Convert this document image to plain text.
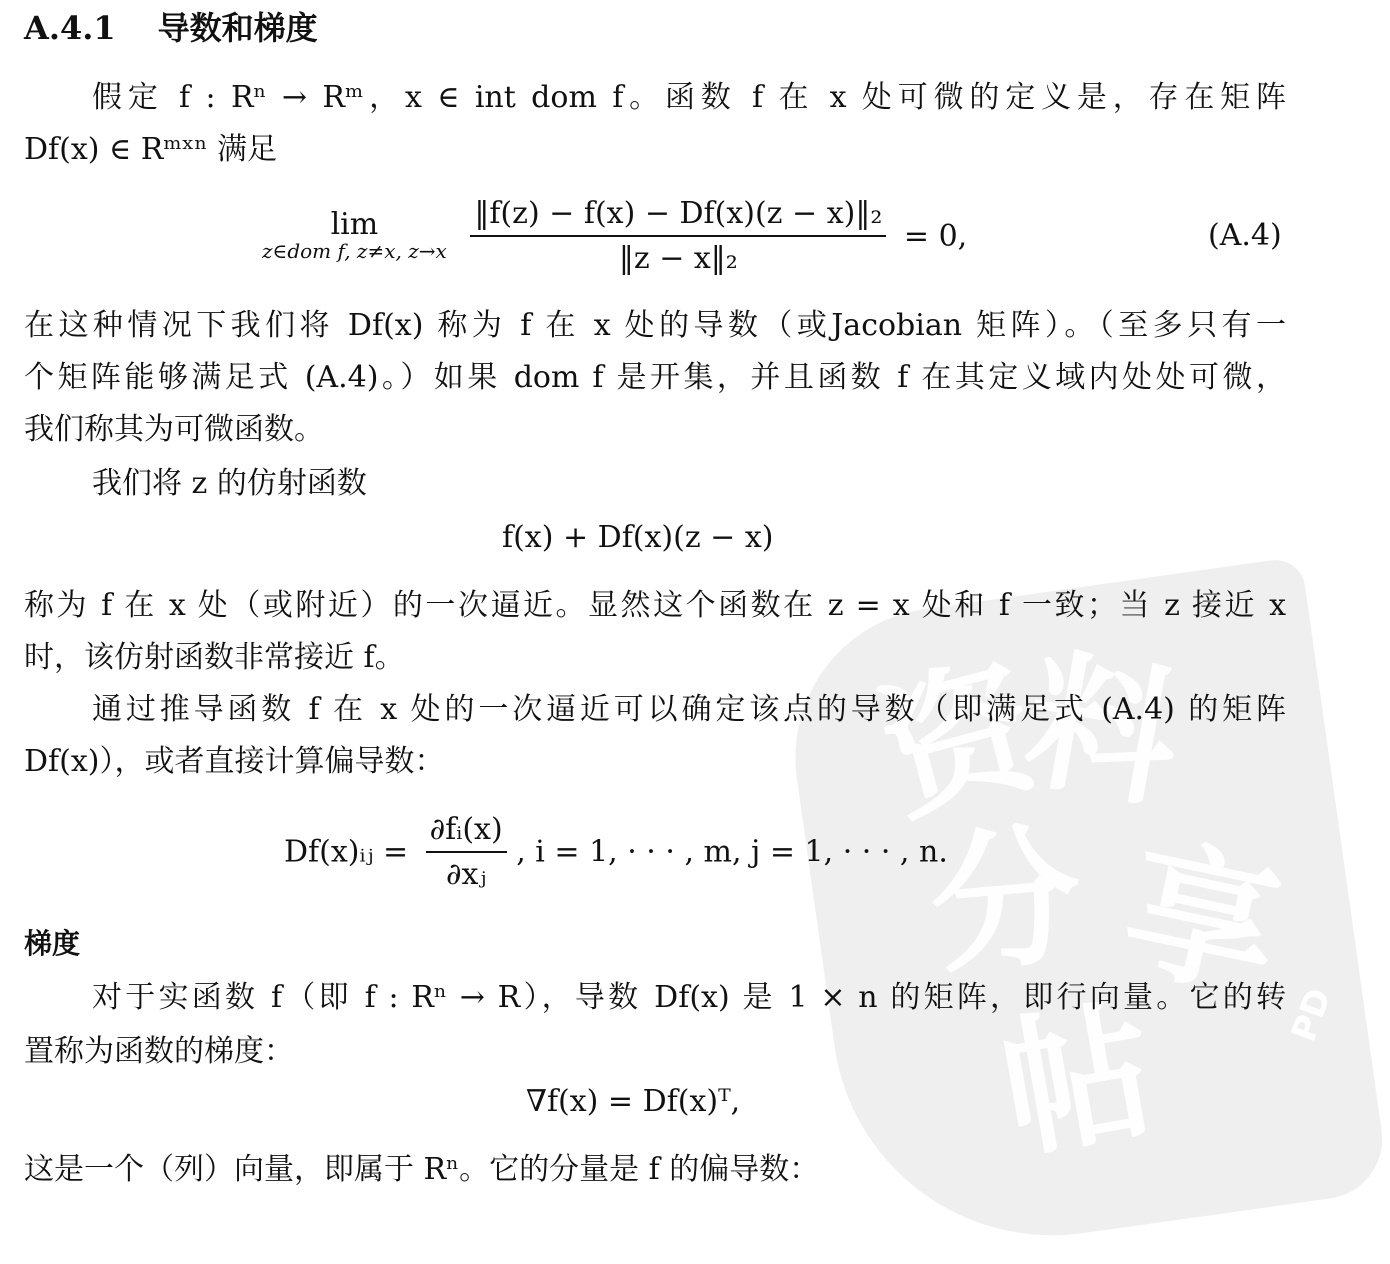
资
料
分 享
帖	PD
A.4.1 导数和梯度
假定 f : Rⁿ → Rᵐ，x ∈ int dom f。函数 f 在 x 处可微的定义是，存在矩阵
Df(x) ∈ Rᵐˣⁿ 满足
lim
z∈dom f, z≠x, z→x
$\frac{\text{‖f(z) − f(x) − Df(x)(z − x)‖₂}}{\text{‖z − x‖₂}} = 0$,	(A.4)
在这种情况下我们将 Df(x) 称为 f 在 x 处的导数（或Jacobian 矩阵）。（至多只有一
个矩阵能够满足式 (A.4)。）如果 dom f 是开集，并且函数 f 在其定义域内处处可微，
我们称其为可微函数。
我们将 z 的仿射函数
f(x) + Df(x)(z − x)
称为 f 在 x 处（或附近）的一次逼近。显然这个函数在 z = x 处和 f 一致；当 z 接近 x
时，该仿射函数非常接近 f。
通过推导函数 f 在 x 处的一次逼近可以确定该点的导数（即满足式 (A.4) 的矩阵
Df(x)），或者直接计算偏导数：
Df(x)ᵢⱼ = $\frac{\text{∂fᵢ(x)}}{\text{∂xⱼ}}$ , i = 1, · · · , m, j = 1, · · · , n.
梯度
对于实函数 f（即 f : Rⁿ → R），导数 Df(x) 是 1 × n 的矩阵，即行向量。它的转
置称为函数的梯度：
∇f(x) = Df(x)ᵀ,
这是一个（列）向量，即属于 Rⁿ。它的分量是 f 的偏导数：
